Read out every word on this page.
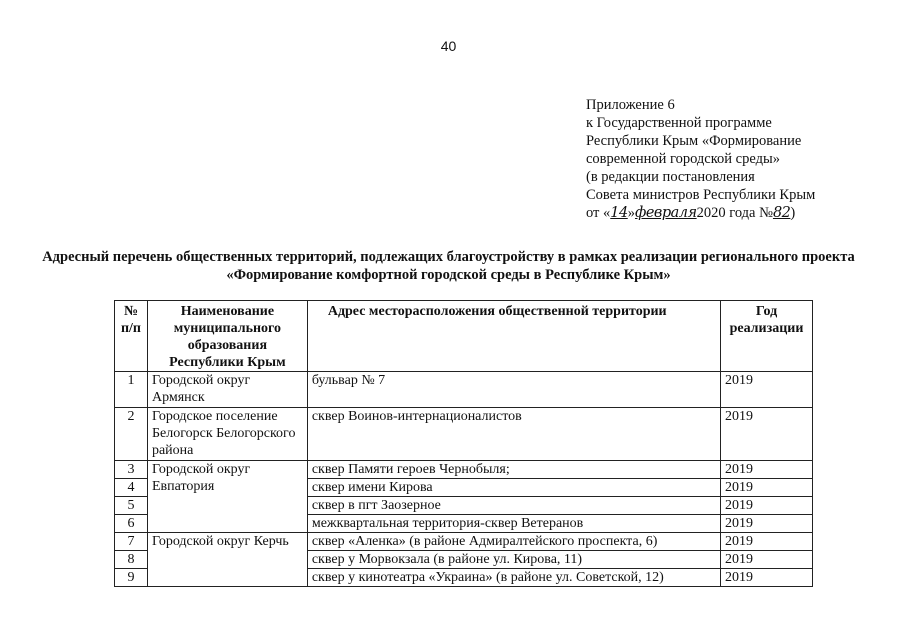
40
Приложение 6
к Государственной программе
Республики Крым «Формирование
современной городской среды»
(в редакции постановления
Совета министров Республики Крым
от «14»февраля2020 года №82)
Адресный перечень общественных территорий, подлежащих благоустройству в рамках реализации регионального проекта «Формирование комфортной городской среды в Республике Крым»
№ п/п	Наименование муниципального образования Республики Крым	Адрес месторасположения общественной территории	Год реализации
1	Городской округ Армянск	бульвар № 7	2019
2	Городское поселение Белогорск Белогорского района	сквер Воинов-интернационалистов	2019
3	Городской округ Евпатория	сквер Памяти героев Чернобыля;	2019
4		сквер имени Кирова	2019
5		сквер в пгт Заозерное	2019
6		межквартальная территория-сквер Ветеранов	2019
7	Городской округ Керчь	сквер «Аленка» (в районе Адмиралтейского проспекта, 6)	2019
8		сквер у Морвокзала (в районе ул. Кирова, 11)	2019
9		сквер у кинотеатра «Украина» (в районе ул. Советской, 12)	2019
